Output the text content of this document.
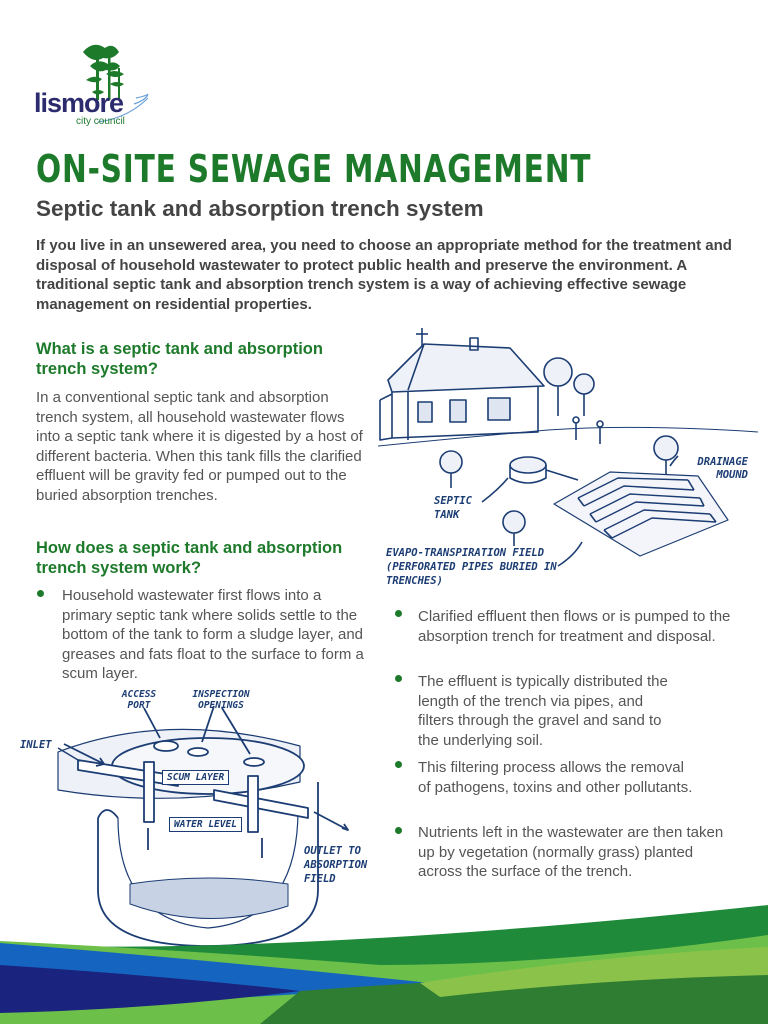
lismore
city council
ON-SITE SEWAGE MANAGEMENT
Septic tank and absorption trench system
If you live in an unsewered area, you need to choose an appropriate method for the treatment and disposal of household wastewater to protect public health and preserve the environment. A traditional septic tank and absorption trench system is a way of achieving effective sewage management on residential properties.
What is a septic tank and absorption trench system?
In a conventional septic tank and absorption trench system, all household wastewater flows into a septic tank where it is digested by a host of different bacteria. When this tank fills the clarified effluent will be gravity fed or pumped out to the buried absorption trenches.
How does a septic tank and absorption trench system work?
Household wastewater first flows into a primary septic tank where solids settle to the bottom of the tank to form a sludge layer, and greases and fats float to the surface to form a scum layer.
Clarified effluent then flows or is pumped to the absorption trench for treatment and disposal.
The effluent is typically distributed the length of the trench via pipes, and filters through the gravel and sand to the underlying soil.
This filtering process allows the removal of pathogens, toxins and other pollutants.
Nutrients left in the wastewater are then taken up by vegetation (normally grass) planted across the surface of the trench.
DRAINAGE MOUND
SEPTIC TANK
EVAPO-TRANSPIRATION FIELD (PERFORATED PIPES BURIED IN TRENCHES)
ACCESS PORT
INSPECTION OPENINGS
INLET
SCUM LAYER
WATER LEVEL
OUTLET TO ABSORPTION FIELD
